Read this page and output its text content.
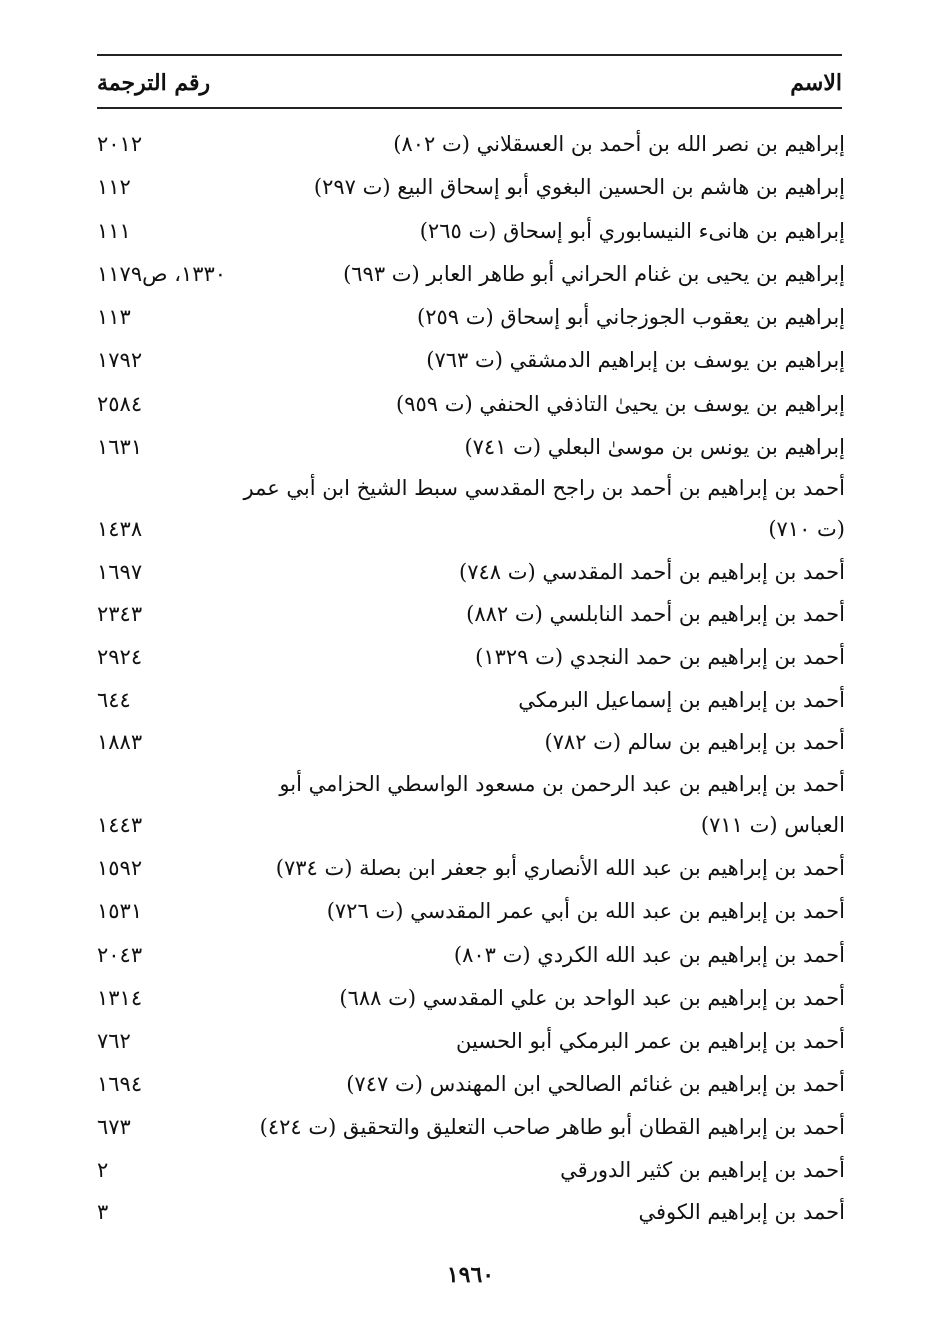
الاسم
رقم الترجمة
إبراهيم بن نصر الله بن أحمد بن العسقلاني (ت ٨٠٢)
٢٠١٢
إبراهيم بن هاشم بن الحسين البغوي أبو إسحاق البيع (ت ٢٩٧)
١١٢
إبراهيم بن هانىء النيسابوري أبو إسحاق (ت ٢٦٥)
١١١
إبراهيم بن يحيى بن غنام الحراني أبو طاهر العابر (ت ٦٩٣)
١٣٣٠، ص١١٧٩
إبراهيم بن يعقوب الجوزجاني أبو إسحاق (ت ٢٥٩)
١١٣
إبراهيم بن يوسف بن إبراهيم الدمشقي (ت ٧٦٣)
١٧٩٢
إبراهيم بن يوسف بن يحيىٰ التاذفي الحنفي (ت ٩٥٩)
٢٥٨٤
إبراهيم بن يونس بن موسىٰ البعلي (ت ٧٤١)
١٦٣١
أحمد بن إبراهيم بن أحمد بن راجح المقدسي سبط الشيخ ابن أبي عمر (ت ٧١٠)
١٤٣٨
أحمد بن إبراهيم بن أحمد المقدسي (ت ٧٤٨)
١٦٩٧
أحمد بن إبراهيم بن أحمد النابلسي (ت ٨٨٢)
٢٣٤٣
أحمد بن إبراهيم بن حمد النجدي (ت ١٣٢٩)
٢٩٢٤
أحمد بن إبراهيم بن إسماعيل البرمكي
٦٤٤
أحمد بن إبراهيم بن سالم (ت ٧٨٢)
١٨٨٣
أحمد بن إبراهيم بن عبد الرحمن بن مسعود الواسطي الحزامي أبو العباس (ت ٧١١)
١٤٤٣
أحمد بن إبراهيم بن عبد الله الأنصاري أبو جعفر ابن بصلة (ت ٧٣٤)
١٥٩٢
أحمد بن إبراهيم بن عبد الله بن أبي عمر المقدسي (ت ٧٢٦)
١٥٣١
أحمد بن إبراهيم بن عبد الله الكردي (ت ٨٠٣)
٢٠٤٣
أحمد بن إبراهيم بن عبد الواحد بن علي المقدسي (ت ٦٨٨)
١٣١٤
أحمد بن إبراهيم بن عمر البرمكي أبو الحسين
٧٦٢
أحمد بن إبراهيم بن غنائم الصالحي ابن المهندس (ت ٧٤٧)
١٦٩٤
أحمد بن إبراهيم القطان أبو طاهر صاحب التعليق والتحقيق (ت ٤٢٤)
٦٧٣
أحمد بن إبراهيم بن كثير الدورقي
٢
أحمد بن إبراهيم الكوفي
٣
١٩٦٠
